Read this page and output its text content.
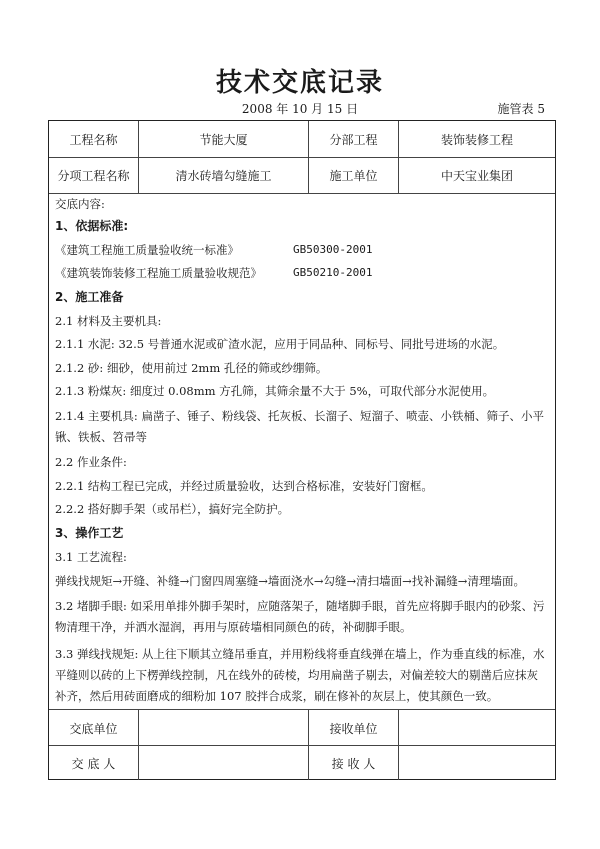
技术交底记录
2008 年 10 月 15 日	施管表 5
工程名称	节能大厦	分部工程	装饰装修工程
分项工程名称	清水砖墙勾缝施工	施工单位	中天宝业集团
交底内容:
1、依据标准:
《建筑工程施工质量验收统一标准》	GB50300-2001
《建筑装饰装修工程施工质量验收规范》	GB50210-2001
2、施工准备
2.1 材料及主要机具:
2.1.1 水泥: 32.5 号普通水泥或矿渣水泥，应用于同品种、同标号、同批号进场的水泥。
2.1.2 砂: 细砂，使用前过 2mm 孔径的筛或纱绷筛。
2.1.3 粉煤灰: 细度过 0.08mm 方孔筛，其筛余量不大于 5%，可取代部分水泥使用。
2.1.4 主要机具: 扁凿子、锤子、粉线袋、托灰板、长溜子、短溜子、喷壶、小铁桶、筛子、小平锹、铁板、笤帚等
2.2 作业条件:
2.2.1 结构工程已完成，并经过质量验收，达到合格标准，安装好门窗框。
2.2.2 搭好脚手架（或吊栏），搞好完全防护。
3、操作工艺
3.1 工艺流程:
弹线找规矩→开缝、补缝→门窗四周塞缝→墙面浇水→勾缝→清扫墙面→找补漏缝→清理墙面。
3.2 堵脚手眼: 如采用单排外脚手架时，应随落架子，随堵脚手眼，首先应将脚手眼内的砂浆、污物清理干净，并洒水湿润，再用与原砖墙相同颜色的砖，补砌脚手眼。
3.3 弹线找规矩: 从上往下顺其立缝吊垂直，并用粉线将垂直线弹在墙上，作为垂直线的标准，水平缝则以砖的上下楞弹线控制，凡在线外的砖棱，均用扁凿子剔去，对偏差较大的剔凿后应抹灰补齐，然后用砖面磨成的细粉加 107 胶拌合成浆，刷在修补的灰层上，使其颜色一致。
交底单位	接收单位
交 底 人	接 收 人
